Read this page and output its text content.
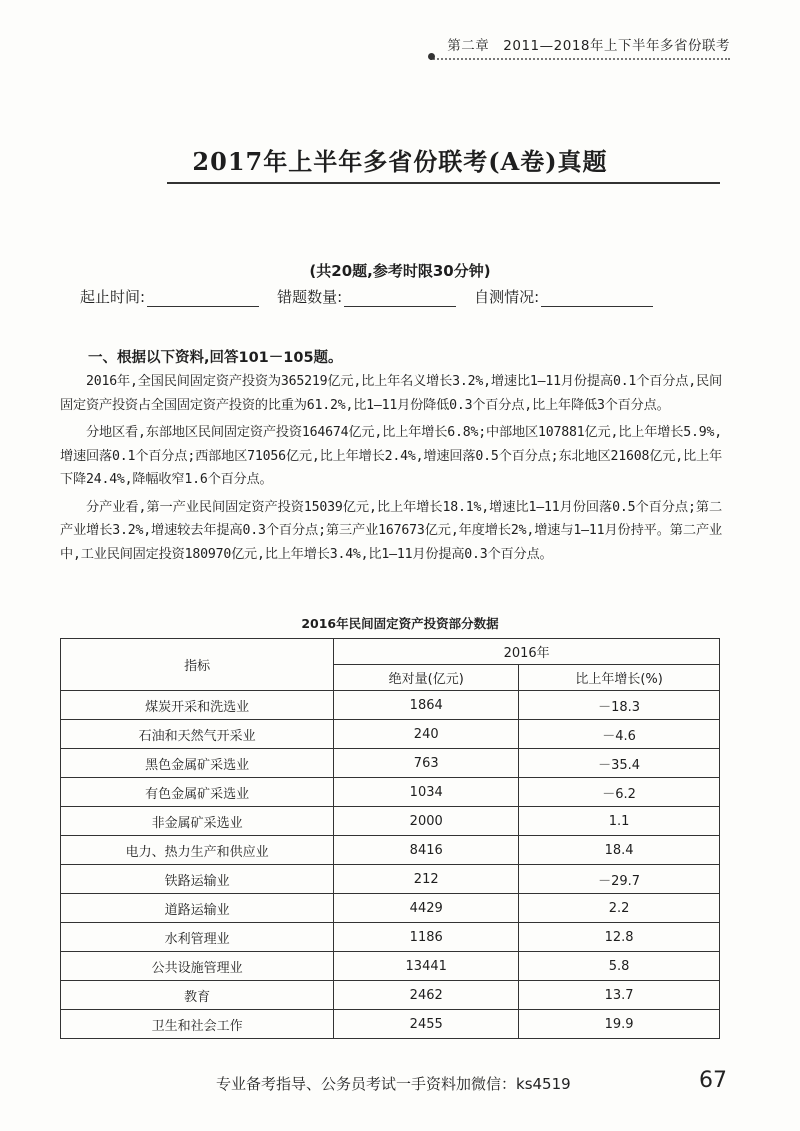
第二章　2011—2018年上下半年多省份联考
2017年上半年多省份联考(A卷)真题
(共20题,参考时限30分钟)
起止时间:	错题数量:	自测情况:
一、根据以下资料,回答101－105题。

2016年,全国民间固定资产投资为365219亿元,比上年名义增长3.2%,增速比1—11月份提高0.1个百分点,民间固定资产投资占全国固定资产投资的比重为61.2%,比1—11月份降低0.3个百分点,比上年降低3个百分点。

分地区看,东部地区民间固定资产投资164674亿元,比上年增长6.8%;中部地区107881亿元,比上年增长5.9%,增速回落0.1个百分点;西部地区71056亿元,比上年增长2.4%,增速回落0.5个百分点;东北地区21608亿元,比上年下降24.4%,降幅收窄1.6个百分点。

分产业看,第一产业民间固定资产投资15039亿元,比上年增长18.1%,增速比1—11月份回落0.5个百分点;第二产业增长3.2%,增速较去年提高0.3个百分点;第三产业167673亿元,年度增长2%,增速与1—11月份持平。第二产业中,工业民间固定投资180970亿元,比上年增长3.4%,比1—11月份提高0.3个百分点。

2016年民间固定资产投资部分数据
指标	2016年	
	绝对量(亿元)	比上年增长(%)
煤炭开采和洗选业	1864	－18.3
石油和天然气开采业	240	－4.6
黑色金属矿采选业	763	－35.4
有色金属矿采选业	1034	－6.2
非金属矿采选业	2000	1.1
电力、热力生产和供应业	8416	18.4
铁路运输业	212	－29.7
道路运输业	4429	2.2
水利管理业	1186	12.8
公共设施管理业	13441	5.8
教育	2462	13.7
卫生和社会工作	2455	19.9
专业备考指导、公务员考试一手资料加微信：ks4519	67
